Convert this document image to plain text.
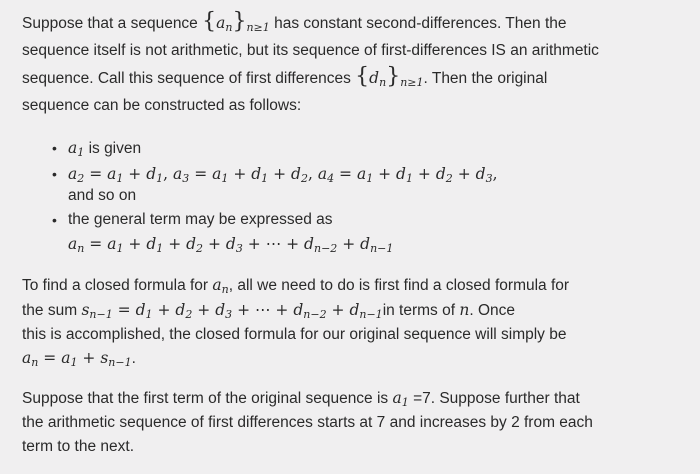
Suppose that a sequence $\{a_n\}_{n\ge 1}$ has constant second-differences. Then the
sequence itself is not arithmetic, but its sequence of first-differences IS an arithmetic
sequence. Call this sequence of first differences $\{d_n\}_{n\ge 1}$. Then the original
sequence can be constructed as follows:
• $a_1$ is given
• $a_2 = a_1 + d_1$, $a_3 = a_1 + d_1 + d_2$, $a_4 = a_1 + d_1 + d_2 + d_3$,
and so on
• the general term may be expressed as
$a_n = a_1 + d_1 + d_2 + d_3$ + ⋯ + $d_{n-2} + d_{n-1}$
To find a closed formula for $a_n$, all we need to do is first find a closed formula for
the sum $s_{n-1} = d_1 + d_2 + d_3$ + ⋯ + $d_{n-2} + d_{n-1}in$ terms of n. Once
this is accomplished, the closed formula for our original sequence will simply be
$a_n = a_1 + s_{n-1}$.
Suppose that the first term of the original sequence is $a_1 =7$. Suppose further that
the arithmetic sequence of first differences starts at 7 and increases by 2 from each
term to the next.
